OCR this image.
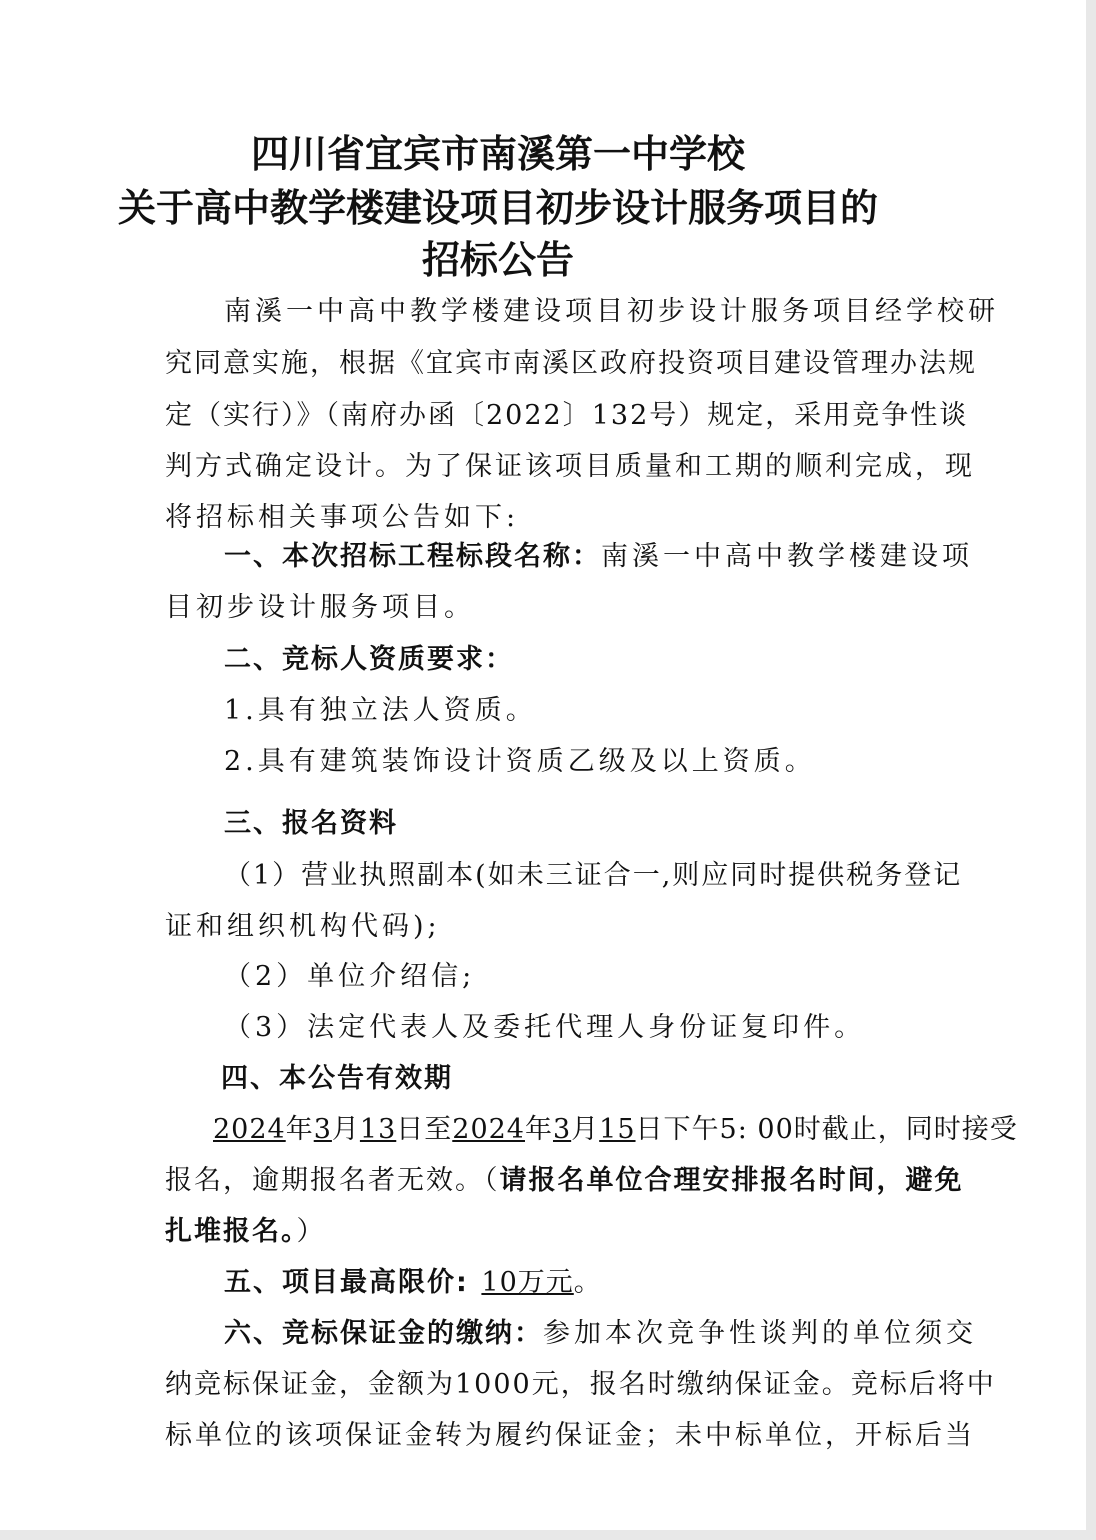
四川省宜宾市南溪第一中学校
关于高中教学楼建设项目初步设计服务项目的
招标公告
南溪一中高中教学楼建设项目初步设计服务项目经学校研
究同意实施，根据《宜宾市南溪区政府投资项目建设管理办法规
定（实行）》（南府办函〔2022〕132号）规定，采用竞争性谈
判方式确定设计。为了保证该项目质量和工期的顺利完成，现
将招标相关事项公告如下:
一、本次招标工程标段名称：南溪一中高中教学楼建设项
目初步设计服务项目。
二、竞标人资质要求：
1.具有独立法人资质。
2.具有建筑装饰设计资质乙级及以上资质。
三、报名资料
（1）营业执照副本(如未三证合一,则应同时提供税务登记
证和组织机构代码);
（2）单位介绍信;
（3）法定代表人及委托代理人身份证复印件。
四、本公告有效期
2024年3月13日至2024年3月15日下午5: 00时截止，同时接受
报名，逾期报名者无效。（请报名单位合理安排报名时间，避免
扎堆报名。）
五、项目最高限价: 10万元。
六、竞标保证金的缴纳：参加本次竞争性谈判的单位须交
纳竞标保证金，金额为1000元，报名时缴纳保证金。竞标后将中
标单位的该项保证金转为履约保证金；未中标单位，开标后当
